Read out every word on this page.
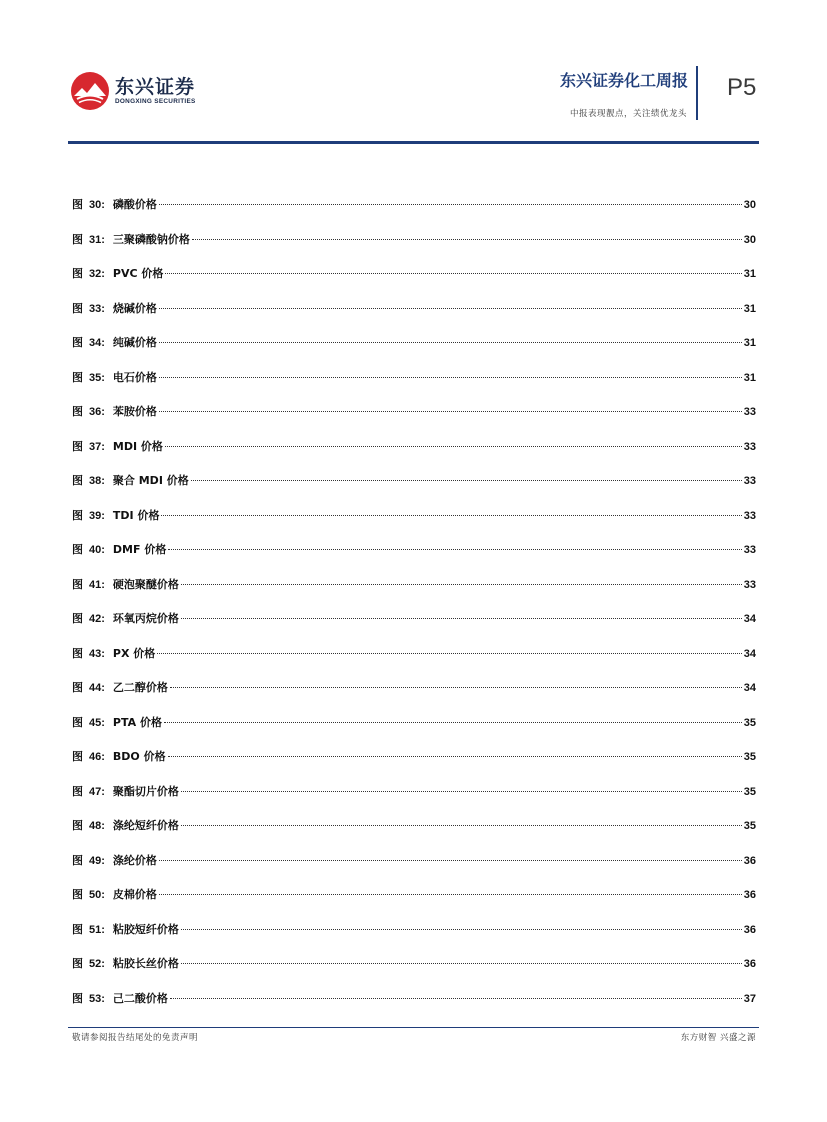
东兴证券
DONGXING SECURITIES
东兴证券化工周报
中报表现靓点，关注绩优龙头
P5
图 30: 磷酸价格	30
图 31: 三聚磷酸钠价格	30
图 32: PVC 价格	31
图 33: 烧碱价格	31
图 34: 纯碱价格	31
图 35: 电石价格	31
图 36: 苯胺价格	33
图 37: MDI 价格	33
图 38: 聚合 MDI 价格	33
图 39: TDI 价格	33
图 40: DMF 价格	33
图 41: 硬泡聚醚价格	33
图 42: 环氧丙烷价格	34
图 43: PX 价格	34
图 44: 乙二醇价格	34
图 45: PTA 价格	35
图 46: BDO 价格	35
图 47: 聚酯切片价格	35
图 48: 涤纶短纤价格	35
图 49: 涤纶价格	36
图 50: 皮棉价格	36
图 51: 粘胶短纤价格	36
图 52: 粘胶长丝价格	36
图 53: 己二酸价格	37
敬请参阅报告结尾处的免责声明	东方财智 兴盛之源
